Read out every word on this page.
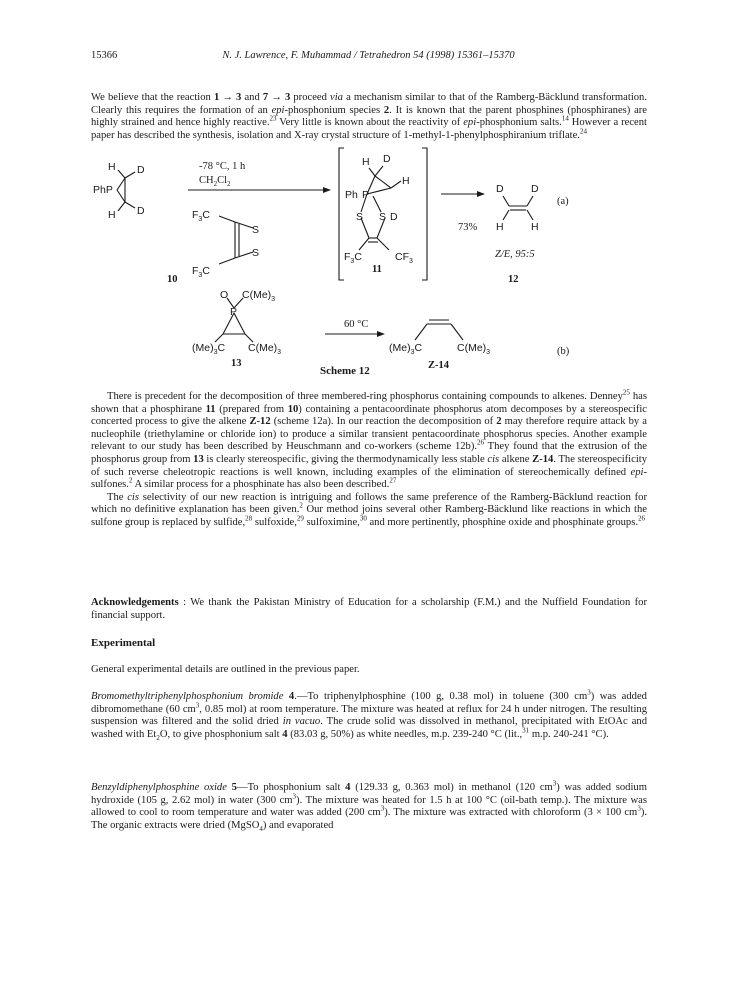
15366	N. J. Lawrence, F. Muhammad / Tetrahedron 54 (1998) 15361–15370

We believe that the reaction 1 → 3 and 7 → 3 proceed via a mechanism similar to that of the Ramberg-Bäcklund transformation. Clearly this requires the formation of an epi-phosphonium species 2. It is known that the parent phosphines (phosphiranes) are highly strained and hence highly reactive.$^{23}$ Very little is known about the reactivity of epi-phosphonium salts.$^{14}$ However a recent paper has described the synthesis, isolation and X-ray crystal structure of 1-methyl-1-phenylphosphiranium triflate.$^{24}$

H D
PhP
H D
10
-78 °C, 1 h
$CH_2Cl_2$
$F_3C$
S
S
$F_3C$
H D
Ph P
H
S S D
$F_3C$	$CF_3$
11
73%
D	D
H	H
(a)
Z/E, 95:5
12
O $C(Me)_3$
P
$(Me)_3C$ $C(Me)_3$
13
60 °C
$(Me)_3C$	$C(Me)_3$
Z-14
(b)
Scheme 12

There is precedent for the decomposition of three membered-ring phosphorus containing compounds to alkenes. Denney$^{25}$ has shown that a phosphirane 11 (prepared from 10) containing a pentacoordinate phosphorus atom decomposes by a stereospecific concerted process to give the alkene Z-12 (scheme 12a). In our reaction the decomposition of 2 may therefore require attack by a nucleophile (triethylamine or chloride ion) to produce a similar transient pentacoordinate phosphorus species. Another example relevant to our study has been described by Heuschmann and co-workers (scheme 12b).$^{26}$ They found that the extrusion of the phosphorus group from 13 is clearly stereospecific, giving the thermodynamically less stable cis alkene Z-14. The stereospecificity of such reverse cheleotropic reactions is well known, including examples of the elimination of stereochemically defined epi-sulfones.$^2$ A similar process for a phosphinate has also been described.$^{27}$

The cis selectivity of our new reaction is intriguing and follows the same preference of the Ramberg-Bäcklund reaction for which no definitive explanation has been given.$^2$ Our method joins several other Ramberg-Bäcklund like reactions in which the sulfone group is replaced by sulfide,$^{28}$ sulfoxide,$^{29}$ sulfoximine,$^{30}$ and more pertinently, phosphine oxide and phosphinate groups.$^{26}$

Acknowledgements : We thank the Pakistan Ministry of Education for a scholarship (F.M.) and the Nuffield Foundation for financial support.

Experimental

General experimental details are outlined in the previous paper.

Bromomethyltriphenylphosphonium bromide 4.—To triphenylphosphine (100 g, 0.38 mol) in toluene (300 $cm^3$) was added dibromomethane (60 $cm^3$, 0.85 mol) at room temperature. The mixture was heated at reflux for 24 h under nitrogen. The resulting suspension was filtered and the solid dried in vacuo. The crude solid was dissolved in methanol, precipitated with EtOAc and washed with $Et_2O$, to give phosphonium salt 4 (83.03 g, 50%) as white needles, m.p. 239-240 °C (lit.,$^{31}$ m.p. 240-241 °C).

Benzyldiphenylphosphine oxide 5—To phosphonium salt 4 (129.33 g, 0.363 mol) in methanol (120 $cm^3$) was added sodium hydroxide (105 g, 2.62 mol) in water (300 $cm^3$). The mixture was heated for 1.5 h at 100 °C (oil-bath temp.). The mixture was allowed to cool to room temperature and water was added (200 $cm^3$). The mixture was extracted with chloroform (3 × 100 $cm^3$). The organic extracts were dried (MgSO$_4$) and evaporated
